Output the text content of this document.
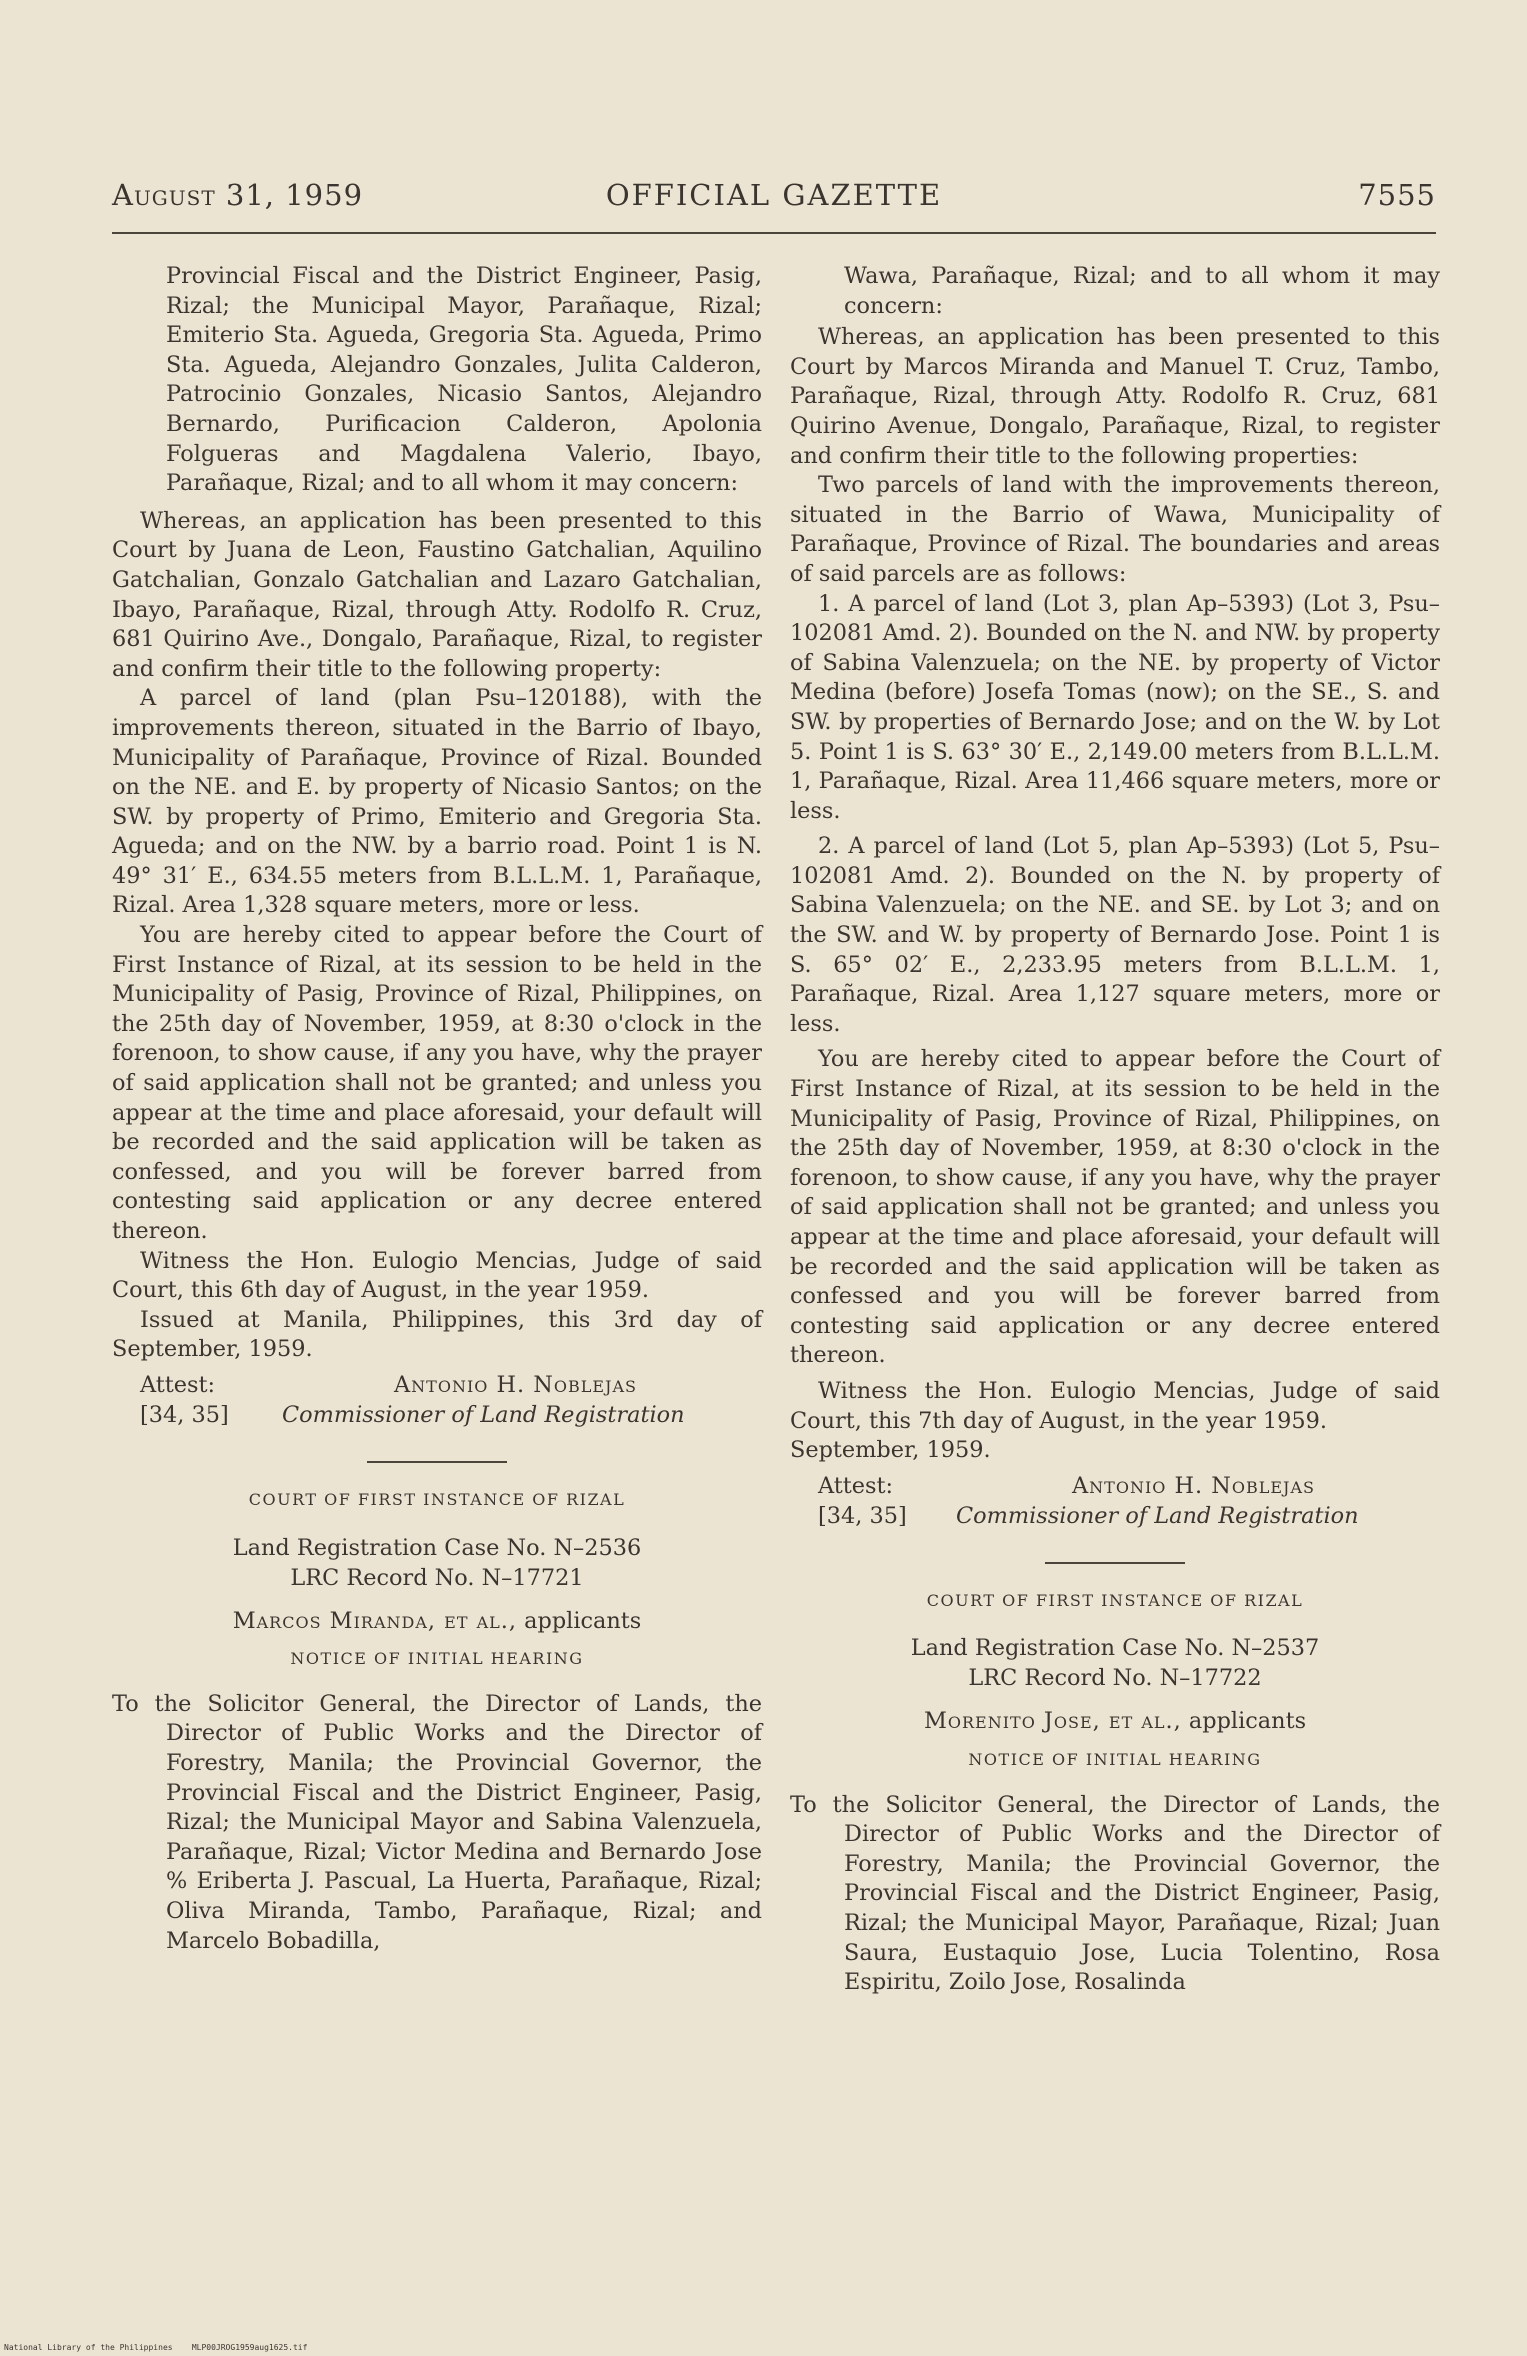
August 31, 1959	OFFICIAL GAZETTE	7555

Provincial Fiscal and the District Engineer, Pasig, Rizal; the Municipal Mayor, Parañaque, Rizal; Emiterio Sta. Agueda, Gregoria Sta. Agueda, Primo Sta. Agueda, Alejandro Gonzales, Julita Calderon, Patrocinio Gonzales, Nicasio Santos, Alejandro Bernardo, Purificacion Calderon, Apolonia Folgueras and Magdalena Valerio, Ibayo, Parañaque, Rizal; and to all whom it may concern:

Whereas, an application has been presented to this Court by Juana de Leon, Faustino Gatchalian, Aquilino Gatchalian, Gonzalo Gatchalian and Lazaro Gatchalian, Ibayo, Parañaque, Rizal, through Atty. Rodolfo R. Cruz, 681 Quirino Ave., Dongalo, Parañaque, Rizal, to register and confirm their title to the following property:

A parcel of land (plan Psu–120188), with the improvements thereon, situated in the Barrio of Ibayo, Municipality of Parañaque, Province of Rizal. Bounded on the NE. and E. by property of Nicasio Santos; on the SW. by property of Primo, Emiterio and Gregoria Sta. Agueda; and on the NW. by a barrio road. Point 1 is N. 49° 31′ E., 634.55 meters from B.L.L.M. 1, Parañaque, Rizal. Area 1,328 square meters, more or less.

You are hereby cited to appear before the Court of First Instance of Rizal, at its session to be held in the Municipality of Pasig, Province of Rizal, Philippines, on the 25th day of November, 1959, at 8:30 o'clock in the forenoon, to show cause, if any you have, why the prayer of said application shall not be granted; and unless you appear at the time and place aforesaid, your default will be recorded and the said application will be taken as confessed, and you will be forever barred from contesting said application or any decree entered thereon.

Witness the Hon. Eulogio Mencias, Judge of said Court, this 6th day of August, in the year 1959.

Issued at Manila, Philippines, this 3rd day of September, 1959.

Attest:
[34, 35]
Antonio H. Noblejas
Commissioner of Land Registration
COURT OF FIRST INSTANCE OF RIZAL
Land Registration Case No. N–2536
LRC Record No. N–17721
Marcos Miranda, et al., applicants
NOTICE OF INITIAL HEARING

To the Solicitor General, the Director of Lands, the Director of Public Works and the Director of Forestry, Manila; the Provincial Governor, the Provincial Fiscal and the District Engineer, Pasig, Rizal; the Municipal Mayor and Sabina Valenzuela, Parañaque, Rizal; Victor Medina and Bernardo Jose % Eriberta J. Pascual, La Huerta, Parañaque, Rizal; Oliva Miranda, Tambo, Parañaque, Rizal; and Marcelo Bobadilla,

Wawa, Parañaque, Rizal; and to all whom it may concern:

Whereas, an application has been presented to this Court by Marcos Miranda and Manuel T. Cruz, Tambo, Parañaque, Rizal, through Atty. Rodolfo R. Cruz, 681 Quirino Avenue, Dongalo, Parañaque, Rizal, to register and confirm their title to the following properties:

Two parcels of land with the improvements thereon, situated in the Barrio of Wawa, Municipality of Parañaque, Province of Rizal. The boundaries and areas of said parcels are as follows:

1. A parcel of land (Lot 3, plan Ap–5393) (Lot 3, Psu–102081 Amd. 2). Bounded on the N. and NW. by property of Sabina Valenzuela; on the NE. by property of Victor Medina (before) Josefa Tomas (now); on the SE., S. and SW. by properties of Bernardo Jose; and on the W. by Lot 5. Point 1 is S. 63° 30′ E., 2,149.00 meters from B.L.L.M. 1, Parañaque, Rizal. Area 11,466 square meters, more or less.

2. A parcel of land (Lot 5, plan Ap–5393) (Lot 5, Psu–102081 Amd. 2). Bounded on the N. by property of Sabina Valenzuela; on the NE. and SE. by Lot 3; and on the SW. and W. by property of Bernardo Jose. Point 1 is S. 65° 02′ E., 2,233.95 meters from B.L.L.M. 1, Parañaque, Rizal. Area 1,127 square meters, more or less.

You are hereby cited to appear before the Court of First Instance of Rizal, at its session to be held in the Municipality of Pasig, Province of Rizal, Philippines, on the 25th day of November, 1959, at 8:30 o'clock in the forenoon, to show cause, if any you have, why the prayer of said application shall not be granted; and unless you appear at the time and place aforesaid, your default will be recorded and the said application will be taken as confessed and you will be forever barred from contesting said application or any decree entered thereon.

Witness the Hon. Eulogio Mencias, Judge of said Court, this 7th day of August, in the year 1959.

September, 1959.

Attest:
[34, 35]
Antonio H. Noblejas
Commissioner of Land Registration
COURT OF FIRST INSTANCE OF RIZAL
Land Registration Case No. N–2537
LRC Record No. N–17722
Morenito Jose, et al., applicants
NOTICE OF INITIAL HEARING

To the Solicitor General, the Director of Lands, the Director of Public Works and the Director of Forestry, Manila; the Provincial Governor, the Provincial Fiscal and the District Engineer, Pasig, Rizal; the Municipal Mayor, Parañaque, Rizal; Juan Saura, Eustaquio Jose, Lucia Tolentino, Rosa Espiritu, Zoilo Jose, Rosalinda

National Library of the Philippines MLP00JROG1959aug1625.tif
